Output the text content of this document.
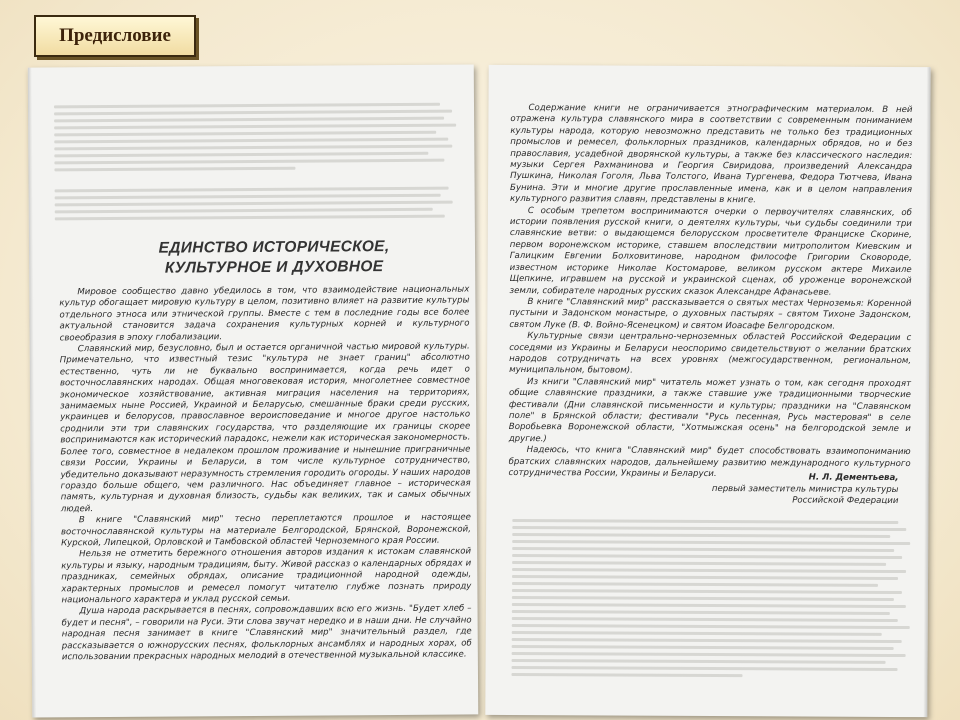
Предисловие
ЕДИНСТВО ИСТОРИЧЕСКОЕ,
КУЛЬТУРНОЕ И ДУХОВНОЕ

Мировое сообщество давно убедилось в том, что взаимодействие национальных культур обогащает мировую культуру в целом, позитивно влияет на развитие культуры отдельного этноса или этнической группы. Вместе с тем в последние годы все более актуальной становится задача сохранения культурных корней и культурного своеобразия в эпоху глобализации.

Славянский мир, безусловно, был и остается органичной частью мировой культуры. Примечательно, что известный тезис "культура не знает границ" абсолютно естественно, чуть ли не буквально воспринимается, когда речь идет о восточнославянских народах. Общая многовековая история, многолетнее совместное экономическое хозяйствование, активная миграция населения на территориях, занимаемых ныне Россией, Украиной и Беларусью, смешанные браки среди русских, украинцев и белорусов, православное вероисповедание и многое другое настолько сроднили эти три славянских государства, что разделяющие их границы скорее воспринимаются как исторический парадокс, нежели как историческая закономерность. Более того, совместное в недалеком прошлом проживание и нынешние приграничные связи России, Украины и Беларуси, в том числе культурное сотрудничество, убедительно доказывают неразумность стремления городить огороды. У наших народов гораздо больше общего, чем различного. Нас объединяет главное – историческая память, культурная и духовная близость, судьбы как великих, так и самых обычных людей.

В книге "Славянский мир" тесно переплетаются прошлое и настоящее восточнославянской культуры на материале Белгородской, Брянской, Воронежской, Курской, Липецкой, Орловской и Тамбовской областей Черноземного края России.

Нельзя не отметить бережного отношения авторов издания к истокам славянской культуры и языку, народным традициям, быту. Живой рассказ о календарных обрядах и праздниках, семейных обрядах, описание традиционной народной одежды, характерных промыслов и ремесел помогут читателю глубже познать природу национального характера и уклад русской семьи.

Душа народа раскрывается в песнях, сопровождавших всю его жизнь. "Будет хлеб – будет и песня", – говорили на Руси. Эти слова звучат нередко и в наши дни. Не случайно народная песня занимает в книге "Славянский мир" значительный раздел, где рассказывается о южнорусских песнях, фольклорных ансамблях и народных хорах, об использовании прекрасных народных мелодий в отечественной музыкальной классике.

Содержание книги не ограничивается этнографическим материалом. В ней отражена культура славянского мира в соответствии с современным пониманием культуры народа, которую невозможно представить не только без традиционных промыслов и ремесел, фольклорных праздников, календарных обрядов, но и без православия, усадебной дворянской культуры, а также без классического наследия: музыки Сергея Рахманинова и Георгия Свиридова, произведений Александра Пушкина, Николая Гоголя, Льва Толстого, Ивана Тургенева, Федора Тютчева, Ивана Бунина. Эти и многие другие прославленные имена, как и в целом направления культурного развития славян, представлены в книге.

С особым трепетом воспринимаются очерки о первоучителях славянских, об истории появления русской книги, о деятелях культуры, чьи судьбы соединили три славянские ветви: о выдающемся белорусском просветителе Франциске Скорине, первом воронежском историке, ставшем впоследствии митрополитом Киевским и Галицким Евгении Болховитинове, народном философе Григории Сковороде, известном историке Николае Костомарове, великом русском актере Михаиле Щепкине, игравшем на русской и украинской сценах, об уроженце воронежской земли, собирателе народных русских сказок Александре Афанасьеве.

В книге "Славянский мир" рассказывается о святых местах Черноземья: Коренной пустыни и Задонском монастыре, о духовных пастырях – святом Тихоне Задонском, святом Луке (В. Ф. Войно-Ясенецком) и святом Иоасафе Белгородском.

Культурные связи центрально-черноземных областей Российской Федерации с соседями из Украины и Беларуси неоспоримо свидетельствуют о желании братских народов сотрудничать на всех уровнях (межгосударственном, региональном, муниципальном, бытовом).

Из книги "Славянский мир" читатель может узнать о том, как сегодня проходят общие славянские праздники, а также ставшие уже традиционными творческие фестивали (Дни славянской письменности и культуры; праздники на "Славянском поле" в Брянской области; фестивали "Русь песенная, Русь мастеровая" в селе Воробьевка Воронежской области, "Хотмыжская осень" на белгородской земле и другие.)

Надеюсь, что книга "Славянский мир" будет способствовать взаимопониманию братских славянских народов, дальнейшему развитию международного культурного сотрудничества России, Украины и Беларуси.	Н. Л. Дементьева,
первый заместитель министра культуры
Российской Федерации
